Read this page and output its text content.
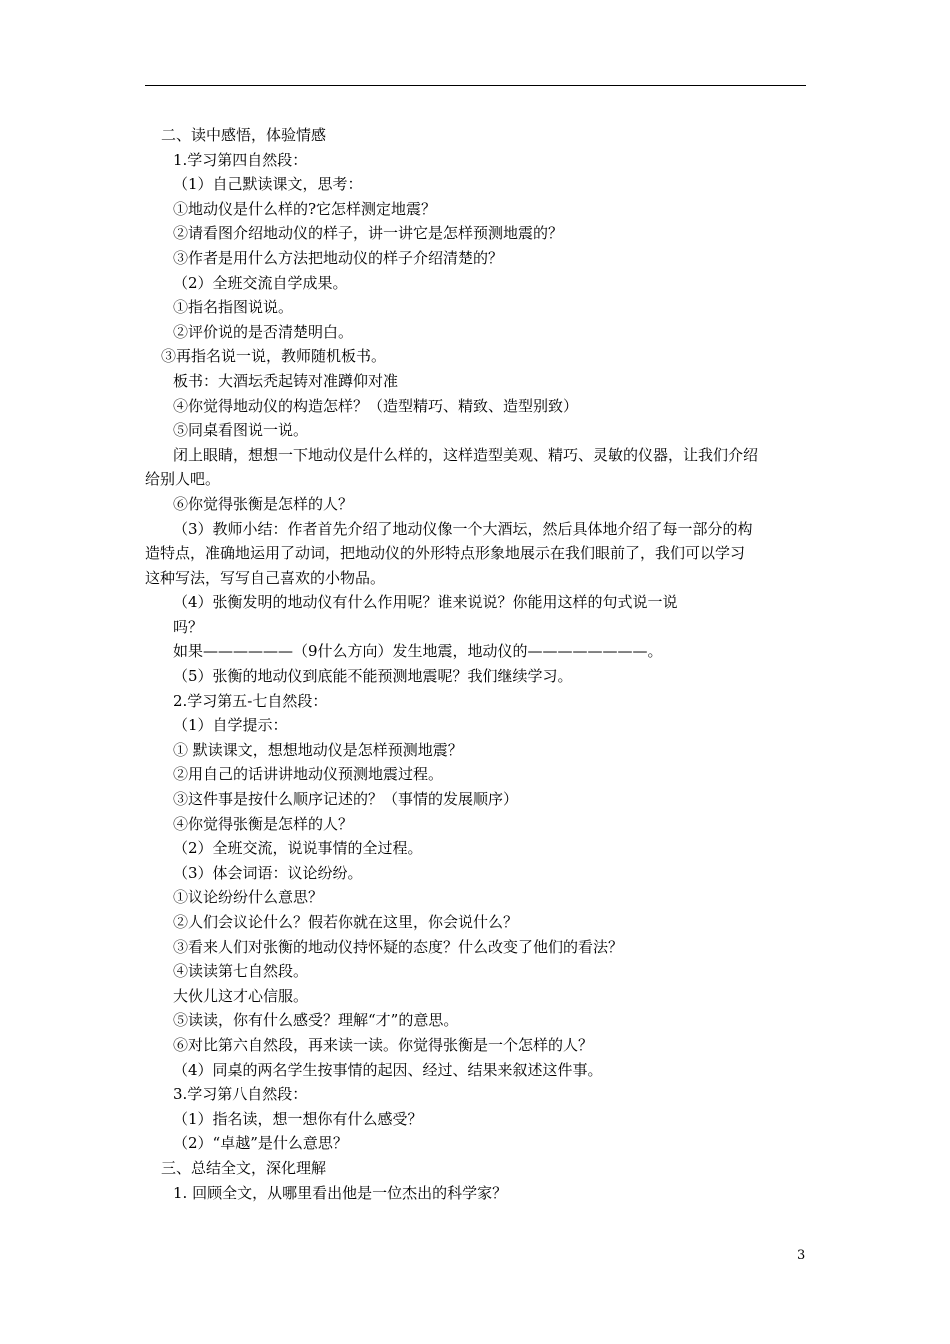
二、读中感悟，体验情感
1.学习第四自然段：
（1）自己默读课文，思考：
①地动仪是什么样的?它怎样测定地震？
②请看图介绍地动仪的样子，讲一讲它是怎样预测地震的？
③作者是用什么方法把地动仪的样子介绍清楚的？
（2）全班交流自学成果。
①指名指图说说。
②评价说的是否清楚明白。
③再指名说一说，教师随机板书。
板书：大酒坛秃起铸对准蹲仰对准
④你觉得地动仪的构造怎样？（造型精巧、精致、造型别致）
⑤同桌看图说一说。
闭上眼睛，想想一下地动仪是什么样的，这样造型美观、精巧、灵敏的仪器，让我们介绍
给别人吧。
⑥你觉得张衡是怎样的人？
（3）教师小结：作者首先介绍了地动仪像一个大酒坛，然后具体地介绍了每一部分的构
造特点，准确地运用了动词，把地动仪的外形特点形象地展示在我们眼前了，我们可以学习
这种写法，写写自己喜欢的小物品。
（4）张衡发明的地动仪有什么作用呢？谁来说说？你能用这样的句式说一说
吗？
如果——————（9什么方向）发生地震，地动仪的————————。
（5）张衡的地动仪到底能不能预测地震呢？我们继续学习。
2.学习第五-七自然段：
（1）自学提示：
① 默读课文，想想地动仪是怎样预测地震？
②用自己的话讲讲地动仪预测地震过程。
③这件事是按什么顺序记述的？（事情的发展顺序）
④你觉得张衡是怎样的人？
（2）全班交流，说说事情的全过程。
（3）体会词语：议论纷纷。
①议论纷纷什么意思？
②人们会议论什么？假若你就在这里，你会说什么？
③看来人们对张衡的地动仪持怀疑的态度？什么改变了他们的看法？
④读读第七自然段。
大伙儿这才心信服。
⑤读读，你有什么感受？理解“才”的意思。
⑥对比第六自然段，再来读一读。你觉得张衡是一个怎样的人？
（4）同桌的两名学生按事情的起因、经过、结果来叙述这件事。
3.学习第八自然段：
（1）指名读，想一想你有什么感受？
（2）“卓越”是什么意思？
三、总结全文，深化理解
1. 回顾全文，从哪里看出他是一位杰出的科学家？
3
